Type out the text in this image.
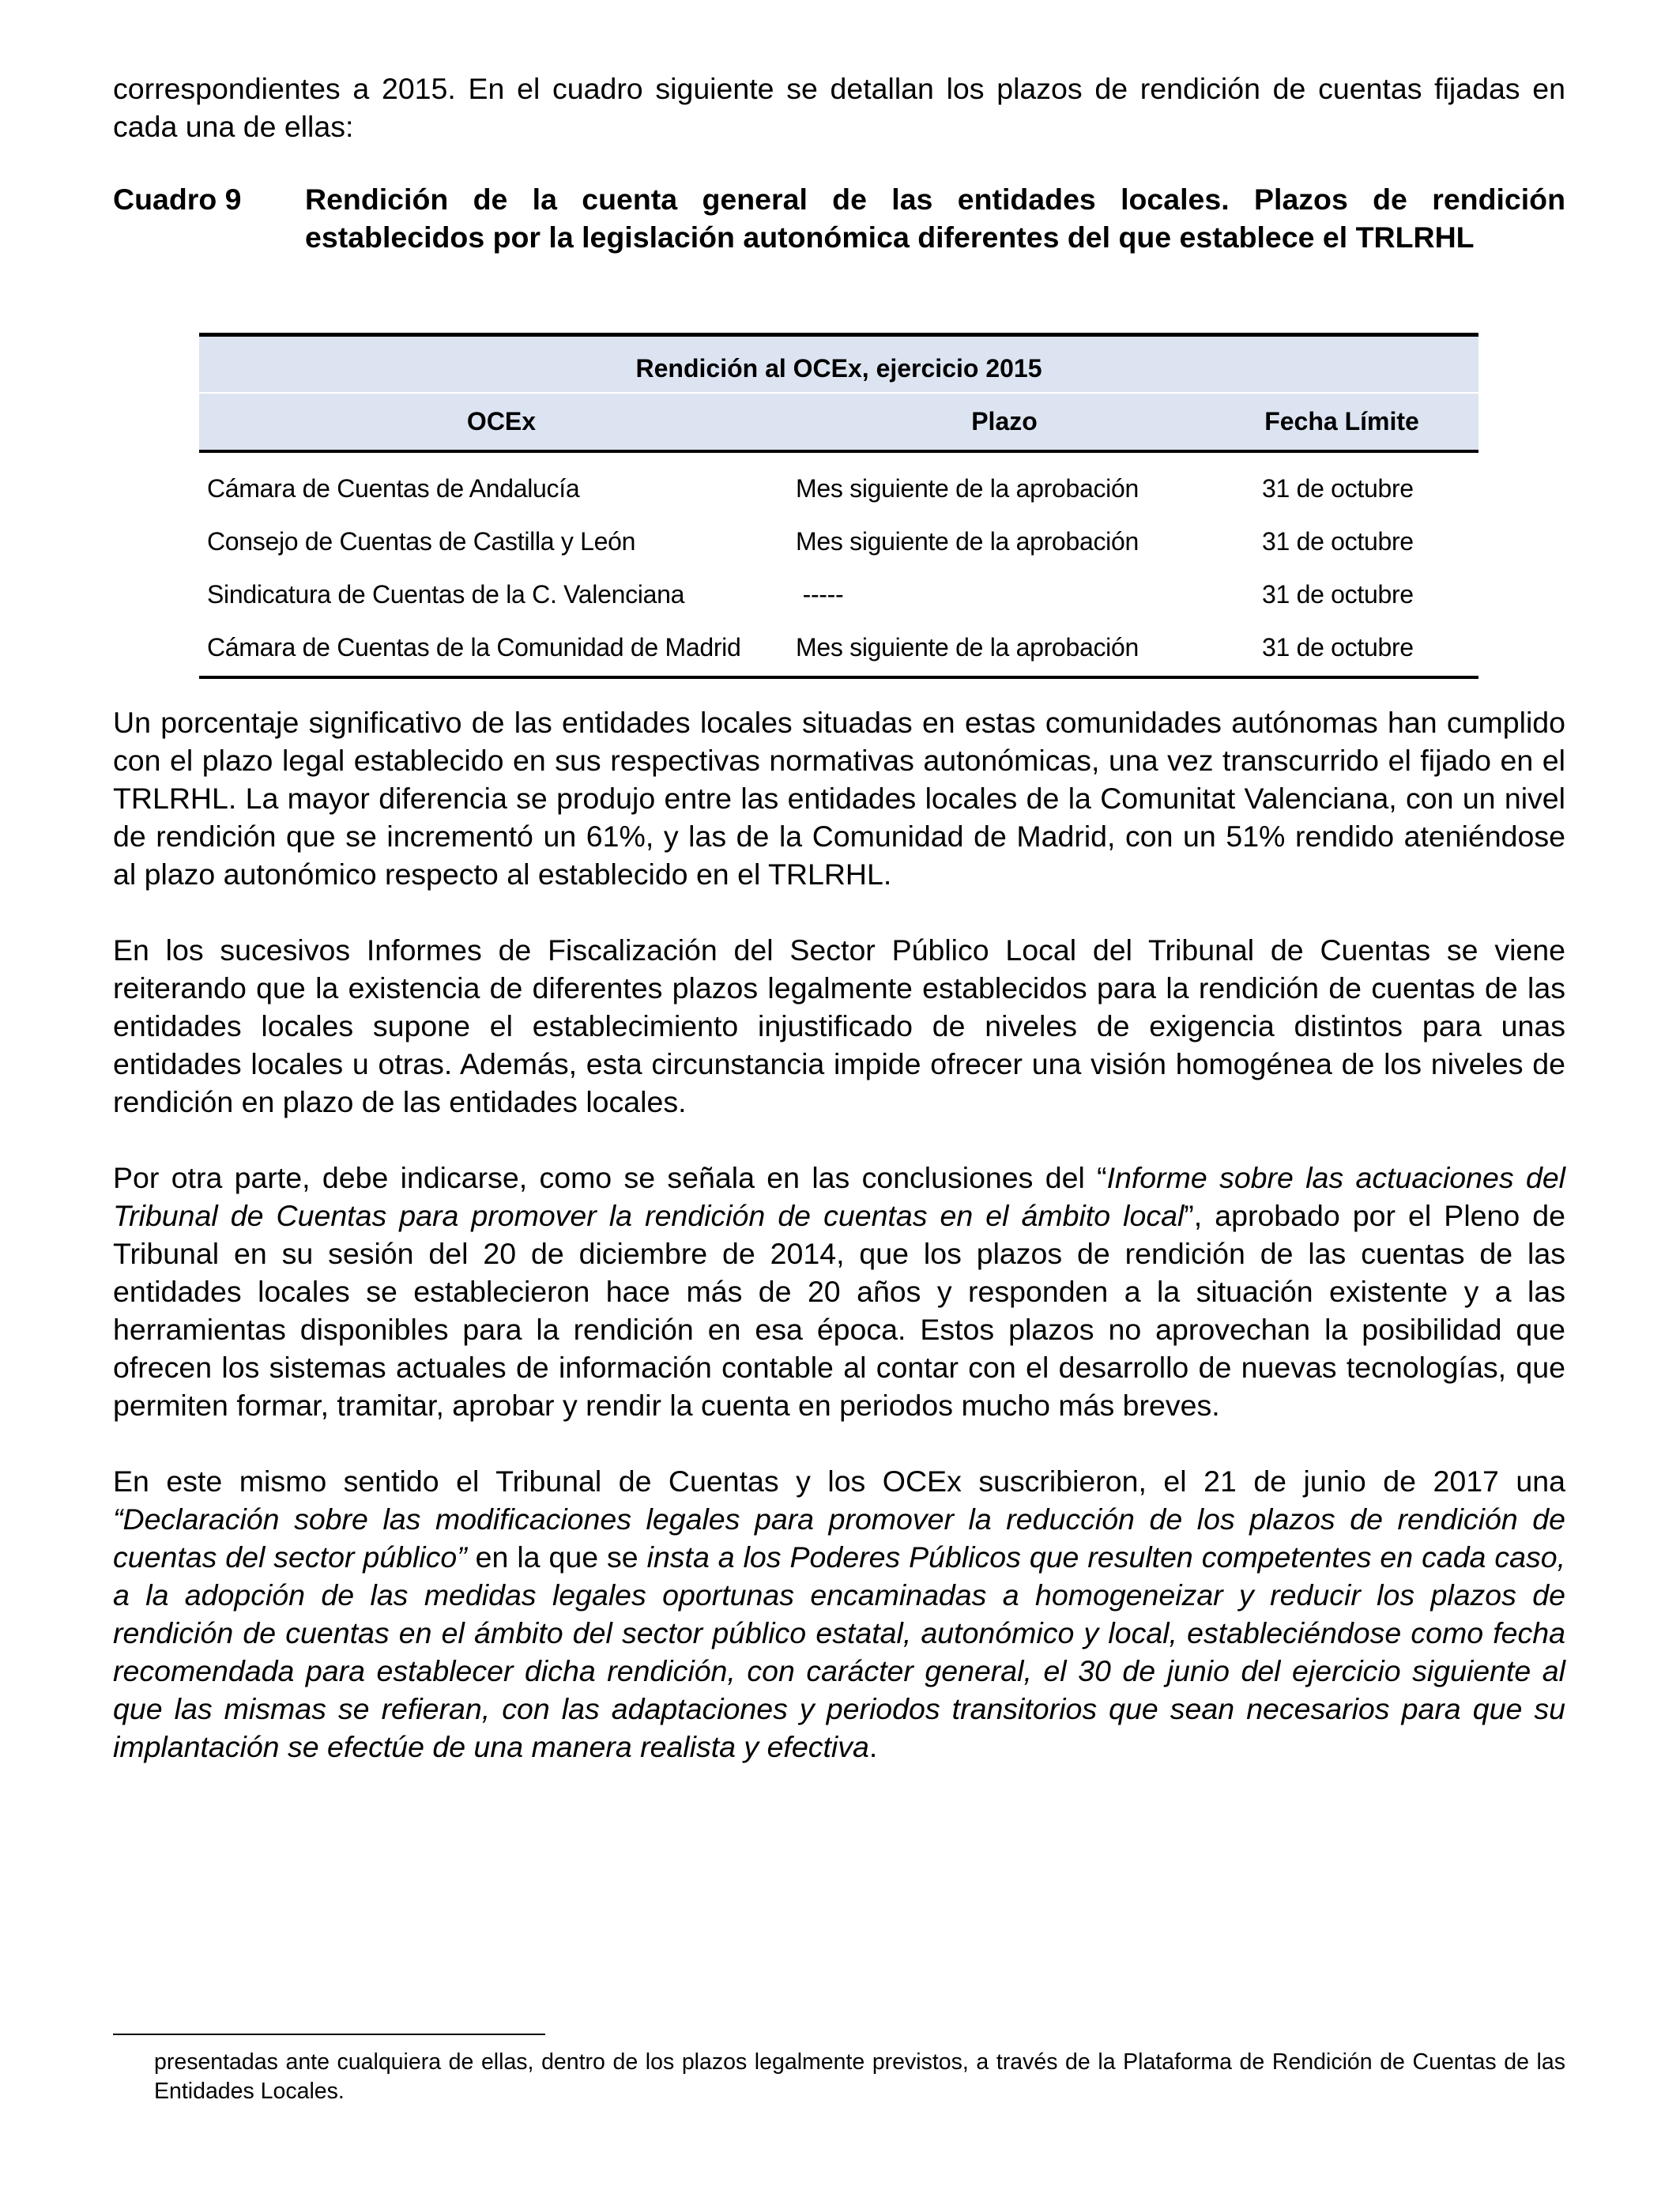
correspondientes a 2015. En el cuadro siguiente se detallan los plazos de rendición de cuentas fijadas en cada una de ellas:

Cuadro 9	Rendición de la cuenta general de las entidades locales. Plazos de rendición establecidos por la legislación autonómica diferentes del que establece el TRLRHL
Rendición al OCEx, ejercicio 2015
OCEx	Plazo	Fecha Límite
Cámara de Cuentas de Andalucía	Mes siguiente de la aprobación	31 de octubre
Consejo de Cuentas de Castilla y León	Mes siguiente de la aprobación	31 de octubre
Sindicatura de Cuentas de la C. Valenciana	-----	31 de octubre
Cámara de Cuentas de la Comunidad de Madrid	Mes siguiente de la aprobación	31 de octubre

Un porcentaje significativo de las entidades locales situadas en estas comunidades autónomas han cumplido con el plazo legal establecido en sus respectivas normativas autonómicas, una vez transcurrido el fijado en el TRLRHL. La mayor diferencia se produjo entre las entidades locales de la Comunitat Valenciana, con un nivel de rendición que se incrementó un 61%, y las de la Comunidad de Madrid, con un 51% rendido ateniéndose al plazo autonómico respecto al establecido en el TRLRHL.

En los sucesivos Informes de Fiscalización del Sector Público Local del Tribunal de Cuentas se viene reiterando que la existencia de diferentes plazos legalmente establecidos para la rendición de cuentas de las entidades locales supone el establecimiento injustificado de niveles de exigencia distintos para unas entidades locales u otras. Además, esta circunstancia impide ofrecer una visión homogénea de los niveles de rendición en plazo de las entidades locales.

Por otra parte, debe indicarse, como se señala en las conclusiones del “Informe sobre las actuaciones del Tribunal de Cuentas para promover la rendición de cuentas en el ámbito local”, aprobado por el Pleno de Tribunal en su sesión del 20 de diciembre de 2014, que los plazos de rendición de las cuentas de las entidades locales se establecieron hace más de 20 años y responden a la situación existente y a las herramientas disponibles para la rendición en esa época. Estos plazos no aprovechan la posibilidad que ofrecen los sistemas actuales de información contable al contar con el desarrollo de nuevas tecnologías, que permiten formar, tramitar, aprobar y rendir la cuenta en periodos mucho más breves.

En este mismo sentido el Tribunal de Cuentas y los OCEx suscribieron, el 21 de junio de 2017 una “Declaración sobre las modificaciones legales para promover la reducción de los plazos de rendición de cuentas del sector público” en la que se insta a los Poderes Públicos que resulten competentes en cada caso, a la adopción de las medidas legales oportunas encaminadas a homogeneizar y reducir los plazos de rendición de cuentas en el ámbito del sector público estatal, autonómico y local, estableciéndose como fecha recomendada para establecer dicha rendición, con carácter general, el 30 de junio del ejercicio siguiente al que las mismas se refieran, con las adaptaciones y periodos transitorios que sean necesarios para que su implantación se efectúe de una manera realista y efectiva.

presentadas ante cualquiera de ellas, dentro de los plazos legalmente previstos, a través de la Plataforma de Rendición de Cuentas de las Entidades Locales.
